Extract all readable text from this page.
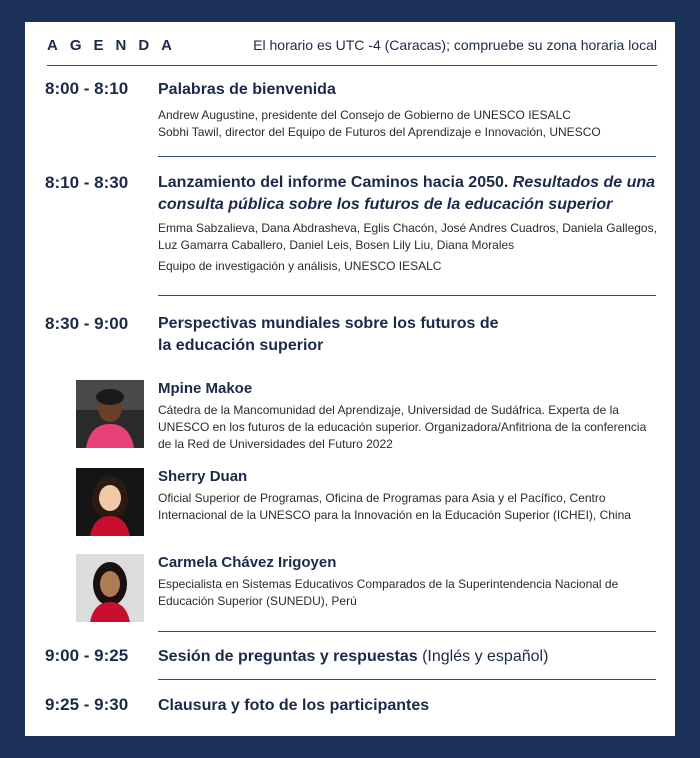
AGENDA	El horario es UTC -4 (Caracas); compruebe su zona horaria local
8:00 - 8:10 Palabras de bienvenida
Andrew Augustine, presidente del Consejo de Gobierno de UNESCO IESALC
Sobhi Tawil, director del Equipo de Futuros del Aprendizaje e Innovación, UNESCO
8:10 - 8:30 Lanzamiento del informe Caminos hacia 2050. Resultados de una consulta pública sobre los futuros de la educación superior
Emma Sabzalieva, Dana Abdrasheva, Eglis Chacón, José Andres Cuadros, Daniela Gallegos, Luz Gamarra Caballero, Daniel Leis, Bosen Lily Liu, Diana Morales
Equipo de investigación y análisis, UNESCO IESALC
8:30 - 9:00 Perspectivas mundiales sobre los futuros de
la educación superior
Mpine Makoe
Cátedra de la Mancomunidad del Aprendizaje, Universidad de Sudáfrica. Experta de la UNESCO en los futuros de la educación superior. Organizadora/Anfitriona de la conferencia de la Red de Universidades del Futuro 2022
Sherry Duan
Oficial Superior de Programas, Oficina de Programas para Asia y el Pacífico, Centro Internacional de la UNESCO para la Innovación en la Educación Superior (ICHEI), China
Carmela Chávez Irigoyen
Especialista en Sistemas Educativos Comparados de la Superintendencia Nacional de Educación Superior (SUNEDU), Perú
9:00 - 9:25 Sesión de preguntas y respuestas (Inglés y español)
9:25 - 9:30 Clausura y foto de los participantes
